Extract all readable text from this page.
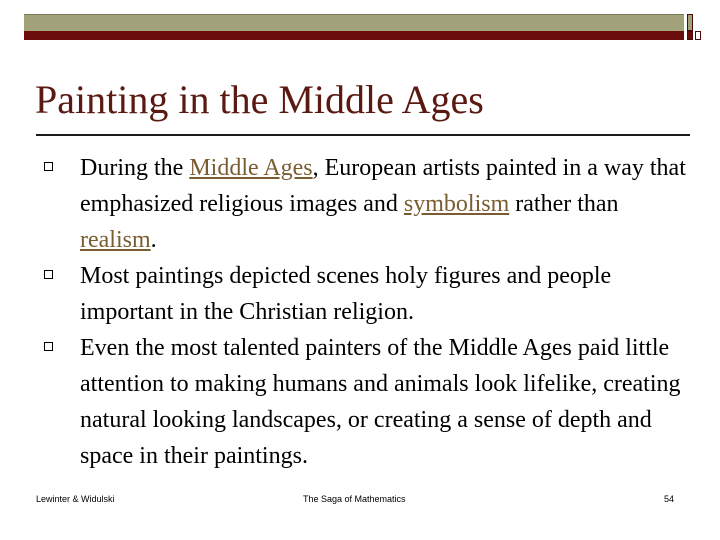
Painting in the Middle Ages
During the Middle Ages, European artists painted in a way that emphasized religious images and symbolism rather than realism.
Most paintings depicted scenes holy figures and people important in the Christian religion.
Even the most talented painters of the Middle Ages paid little attention to making humans and animals look lifelike, creating natural looking landscapes, or creating a sense of depth and space in their paintings.
Lewinter & Widulski	The Saga of Mathematics	54
